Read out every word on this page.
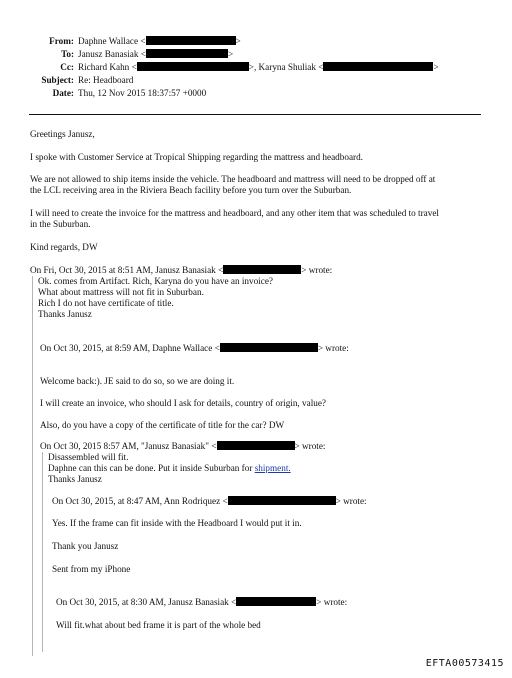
From: Daphne Wallace <	>
To: Janusz Banasiak <	>
Cc: Richard Kahn <	>, Karyna Shuliak <	>
Subject: Re: Headboard
Date: Thu, 12 Nov 2015 18:37:57 +0000
Greetings Janusz,
I spoke with Customer Service at Tropical Shipping regarding the mattress and headboard.
We are not allowed to ship items inside the vehicle. The headboard and mattress will need to be dropped off at
the LCL receiving area in the Riviera Beach facility before you turn over the Suburban.
I will need to create the invoice for the mattress and headboard, and any other item that was scheduled to travel
in the Suburban.
Kind regards, DW
On Fri, Oct 30, 2015 at 8:51 AM, Janusz Banasiak <	> wrote:
Ok. comes from Artifact. Rich, Karyna do you have an invoice?
What about mattress will not fit in Suburban.
Rich I do not have certificate of title.
Thanks Janusz
On Oct 30, 2015, at 8:59 AM, Daphne Wallace <	> wrote:
Welcome back:). JE said to do so, so we are doing it.
I will create an invoice, who should I ask for details, country of origin, value?
Also, do you have a copy of the certificate of title for the car? DW
On Oct 30, 2015 8:57 AM, "Janusz Banasiak" <	> wrote:
Disassembled will fit.
Daphne can this can be done. Put it inside Suburban for shipment.
Thanks Janusz
On Oct 30, 2015, at 8:47 AM, Ann Rodriquez <	> wrote:
Yes. If the frame can fit inside with the Headboard I would put it in.
Thank you Janusz
Sent from my iPhone
On Oct 30, 2015, at 8:30 AM, Janusz Banasiak <	> wrote:
Will fit.what about bed frame it is part of the whole bed
EFTA00573415
